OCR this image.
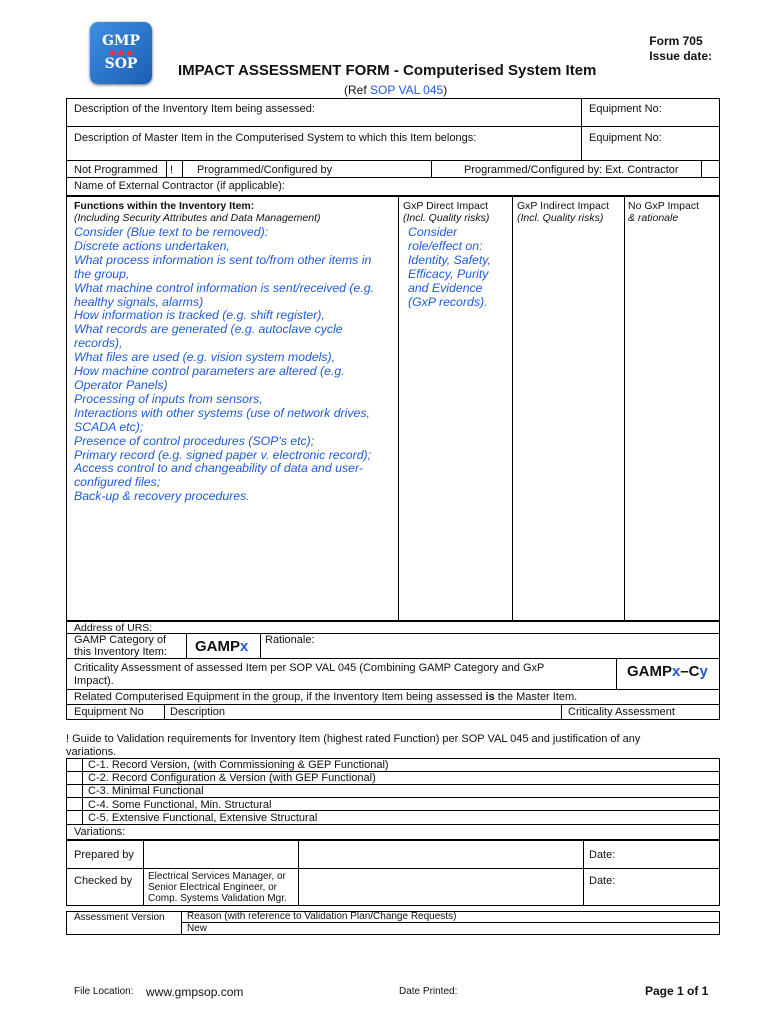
GMP
● ● ●
SOP
Form 705
Issue date:
IMPACT ASSESSMENT FORM - Computerised System Item
(Ref SOP VAL 045)
Description of the Inventory Item being assessed:	Equipment No:
Description of Master Item in the Computerised System to which this Item belongs:	Equipment No:
Not Programmed ! Programmed/Configured by	Programmed/Configured by: Ext. Contractor
Name of External Contractor (if applicable):
Functions within the Inventory Item:
(Including Security Attributes and Data Management)
Consider (Blue text to be removed):
Discrete actions undertaken,
What process information is sent to/from other items in
the group,
What machine control information is sent/received (e.g.
healthy signals, alarms)
How information is tracked (e.g. shift register),
What records are generated (e.g. autoclave cycle
records),
What files are used (e.g. vision system models),
How machine control parameters are altered (e.g.
Operator Panels)
Processing of inputs from sensors,
Interactions with other systems (use of network drives,
SCADA etc);
Presence of control procedures (SOP's etc);
Primary record (e.g. signed paper v. electronic record);
Access control to and changeability of data and user-
configured files;
Back-up & recovery procedures.
GxP Direct Impact
(Incl. Quality risks)
Consider
role/effect on:
Identity, Safety,
Efficacy, Purity
and Evidence
(GxP records).
GxP Indirect Impact
(Incl. Quality risks)
No GxP Impact
& rationale
Address of URS:
GAMP Category of
this Inventory Item: GAMPx Rationale:
Criticality Assessment of assessed Item per SOP VAL 045 (Combining GAMP Category and GxP
Impact).
GAMPx–Cy
Related Computerised Equipment in the group, if the Inventory Item being assessed is the Master Item.
Equipment No Description	Criticality Assessment
! Guide to Validation requirements for Inventory Item (highest rated Function) per SOP VAL 045 and justification of any
variations.
C-1. Record Version, (with Commissioning & GEP Functional)
C-2. Record Configuration & Version (with GEP Functional)
C-3. Minimal Functional
C-4. Some Functional, Min. Structural
C-5. Extensive Functional, Extensive Structural
Variations:
Prepared by	Date:
Checked by Electrical Services Manager, or
Senior Electrical Engineer, or
Comp. Systems Validation Mgr.
Date:
Assessment Version Reason (with reference to Validation Plan/Change Requests)
New
File Location: www.gmpsop.com	Date Printed:	Page 1 of 1
